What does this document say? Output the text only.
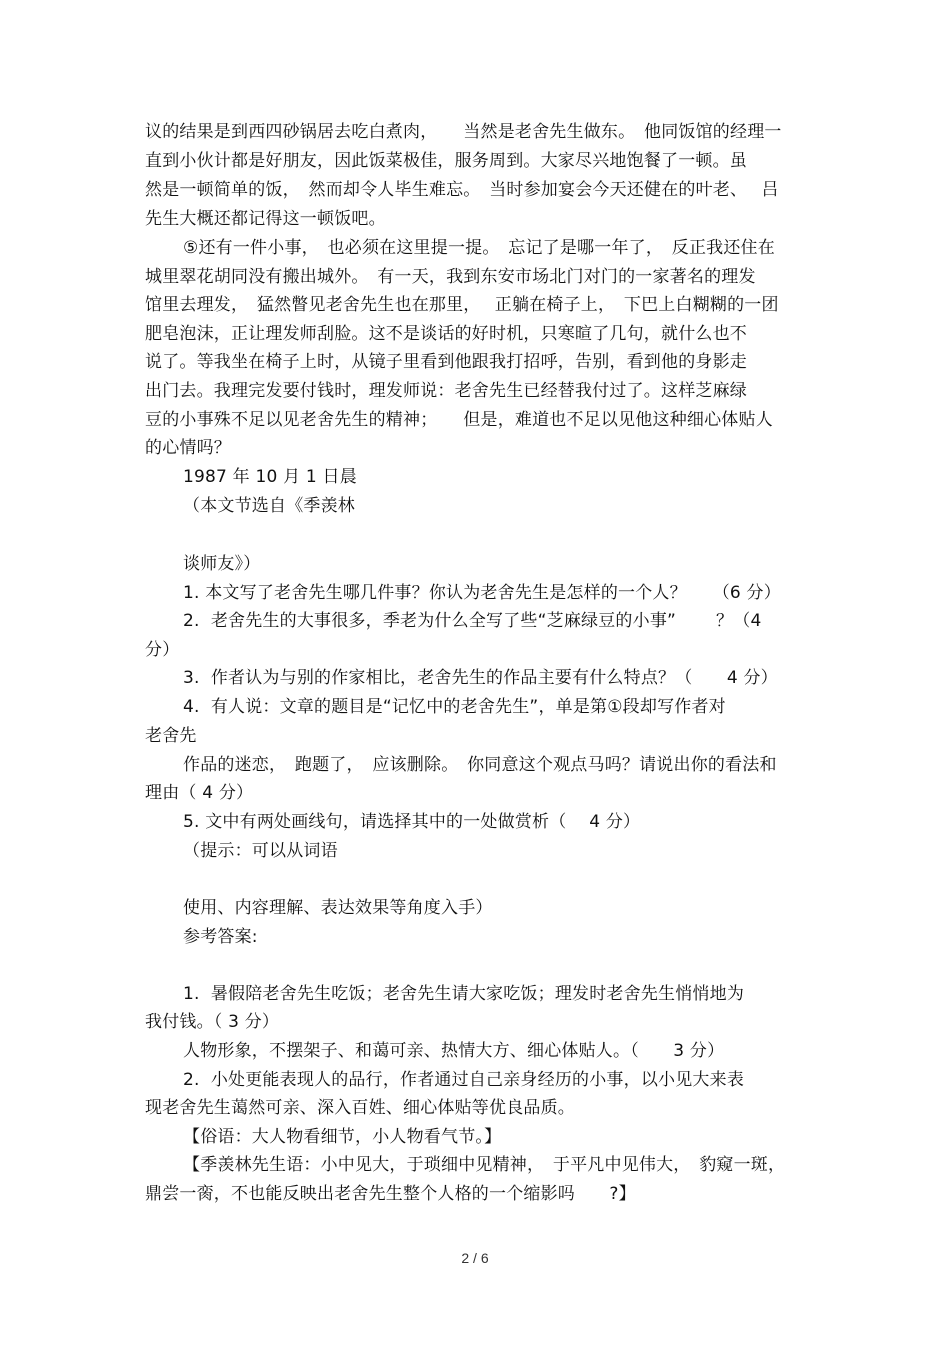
议的结果是到西四砂锅居去吃白煮肉，　　当然是老舍先生做东。　他同饭馆的经理一
直到小伙计都是好朋友，因此饭菜极佳，服务周到。大家尽兴地饱餐了一顿。虽
然是一顿简单的饭，　然而却令人毕生难忘。　当时参加宴会今天还健在的叶老、　 吕
先生大概还都记得这一顿饭吧。
⑤还有一件小事，　也必须在这里提一提。　忘记了是哪一年了，　反正我还住在
城里翠花胡同没有搬出城外。　有一天，我到东安市场北门对门的一家著名的理发
馆里去理发，　猛然瞥见老舍先生也在那里，　 正躺在椅子上，　下巴上白糊糊的一团
肥皂泡沫，正让理发师刮脸。这不是谈话的好时机，只寒暄了几句，就什么也不
说了。等我坐在椅子上时，从镜子里看到他跟我打招呼，告别，看到他的身影走
出门去。我理完发要付钱时，理发师说：老舍先生已经替我付过了。这样芝麻绿
豆的小事殊不足以见老舍先生的精神；　　但是，难道也不足以见他这种细心体贴人
的心情吗？
1987 年 10 月 1 日晨
（本文节选自《季羡林
谈师友》）
1. 本文写了老舍先生哪几件事？你认为老舍先生是怎样的一个人？　　（6 分）
2.  老舍先生的大事很多，季老为什么全写了些“芝麻绿豆的小事”　　 ？（4
分）
3.  作者认为与别的作家相比，老舍先生的作品主要有什么特点？（　　4 分）
4.  有人说：文章的题目是“记忆中的老舍先生”，单是第①段却写作者对
老舍先
作品的迷恋，　跑题了，　应该删除。　你同意这个观点马吗？请说出你的看法和
理由（ 4 分）
5. 文中有两处画线句，请选择其中的一处做赏析（　 4 分）
（提示：可以从词语
使用、内容理解、表达效果等角度入手）
参考答案:
1.  暑假陪老舍先生吃饭；老舍先生请大家吃饭；理发时老舍先生悄悄地为
我付钱。（ 3 分）
人物形象，不摆架子、和蔼可亲、热情大方、细心体贴人。（　　3 分）
2.  小处更能表现人的品行，作者通过自己亲身经历的小事，以小见大来表
现老舍先生蔼然可亲、深入百姓、细心体贴等优良品质。
【俗语：大人物看细节，小人物看气节。】
【季羡林先生语：小中见大，于琐细中见精神，　于平凡中见伟大，　豹窥一斑，
鼎尝一脔，不也能反映出老舍先生整个人格的一个缩影吗　　?】
2 / 6
